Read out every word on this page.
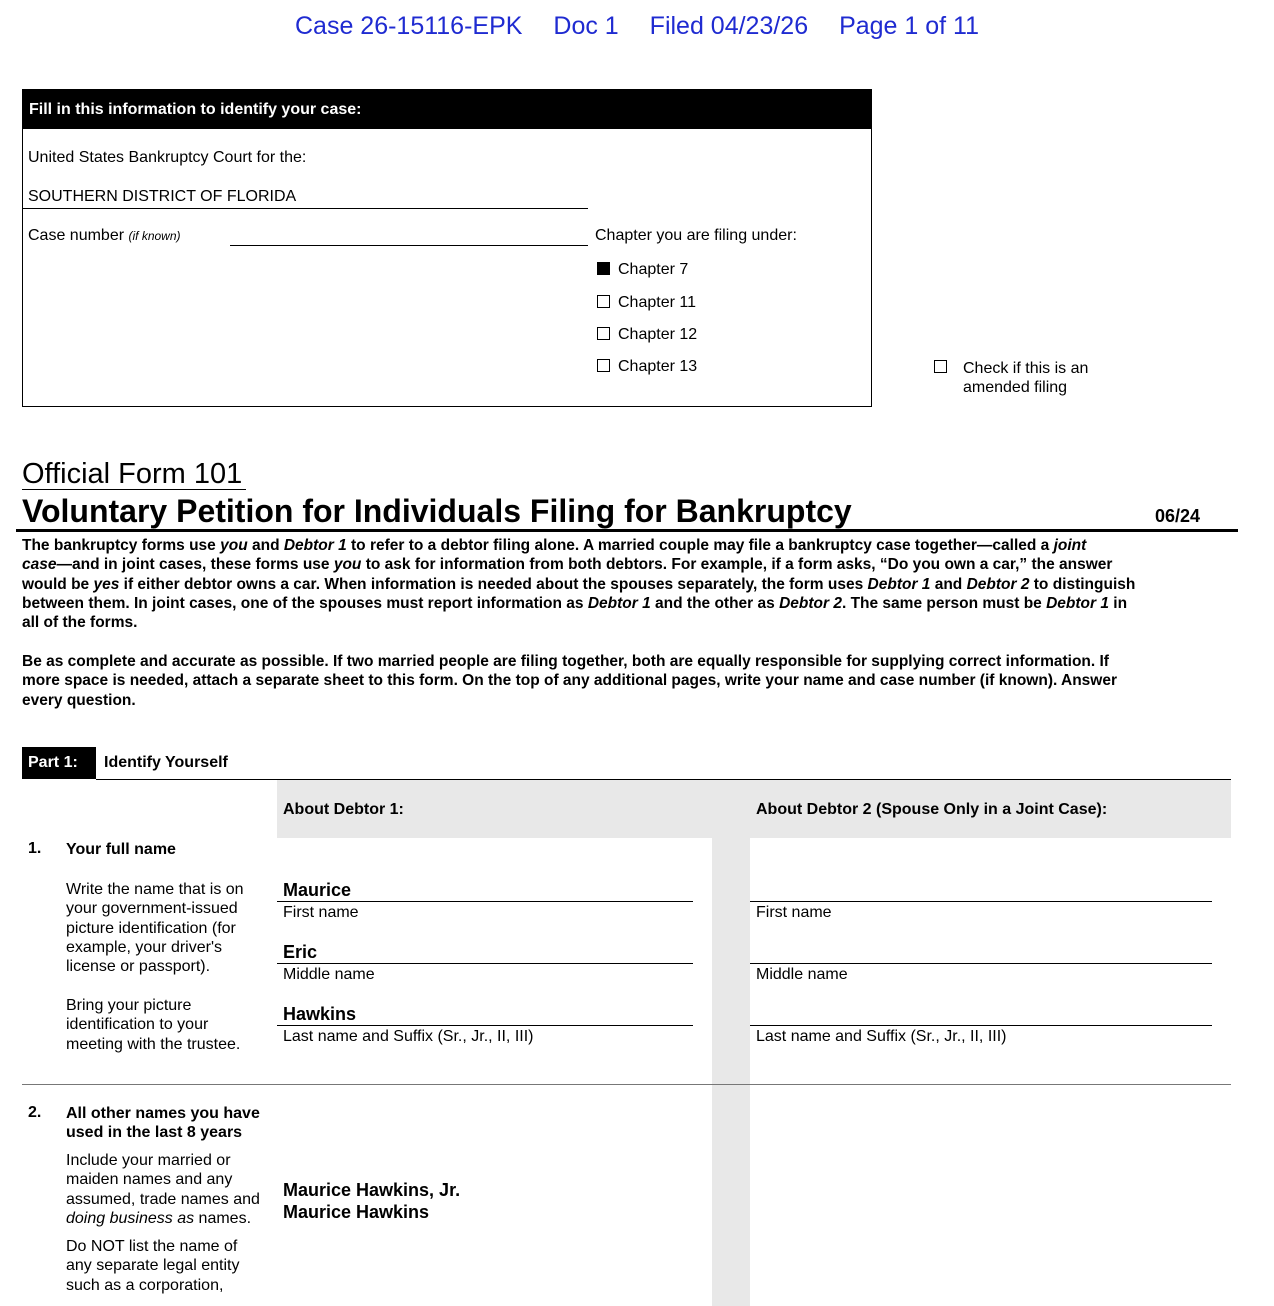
Case 26-15116-EPK Doc 1 Filed 04/23/26 Page 1 of 11
Fill in this information to identify your case:
United States Bankruptcy Court for the:
SOUTHERN DISTRICT OF FLORIDA
Case number (if known)	Chapter you are filing under:
Chapter 7
Chapter 11
Chapter 12
Chapter 13	Check if this is an
amended filing
Official Form 101
Voluntary Petition for Individuals Filing for Bankruptcy	06/24
The bankruptcy forms use you and Debtor 1 to refer to a debtor filing alone. A married couple may file a bankruptcy case together—called a joint
case—and in joint cases, these forms use you to ask for information from both debtors. For example, if a form asks, “Do you own a car,” the answer
would be yes if either debtor owns a car. When information is needed about the spouses separately, the form uses Debtor 1 and Debtor 2 to distinguish
between them. In joint cases, one of the spouses must report information as Debtor 1 and the other as Debtor 2. The same person must be Debtor 1 in
all of the forms.
Be as complete and accurate as possible. If two married people are filing together, both are equally responsible for supplying correct information. If
more space is needed, attach a separate sheet to this form. On the top of any additional pages, write your name and case number (if known). Answer
every question.
Part 1:	Identify Yourself
About Debtor 1:	About Debtor 2 (Spouse Only in a Joint Case):
1. Your full name
Write the name that is on
your government-issued
picture identification (for
example, your driver's
license or passport).
Bring your picture
identification to your
meeting with the trustee.
Maurice
First name
Eric
Middle name
Hawkins
Last name and Suffix (Sr., Jr., II, III)
First name
Middle name
Last name and Suffix (Sr., Jr., II, III)
2. All other names you have
used in the last 8 years
Include your married or
maiden names and any
assumed, trade names and
doing business as names.
Do NOT list the name of
any separate legal entity
such as a corporation,
Maurice Hawkins, Jr.
Maurice Hawkins
